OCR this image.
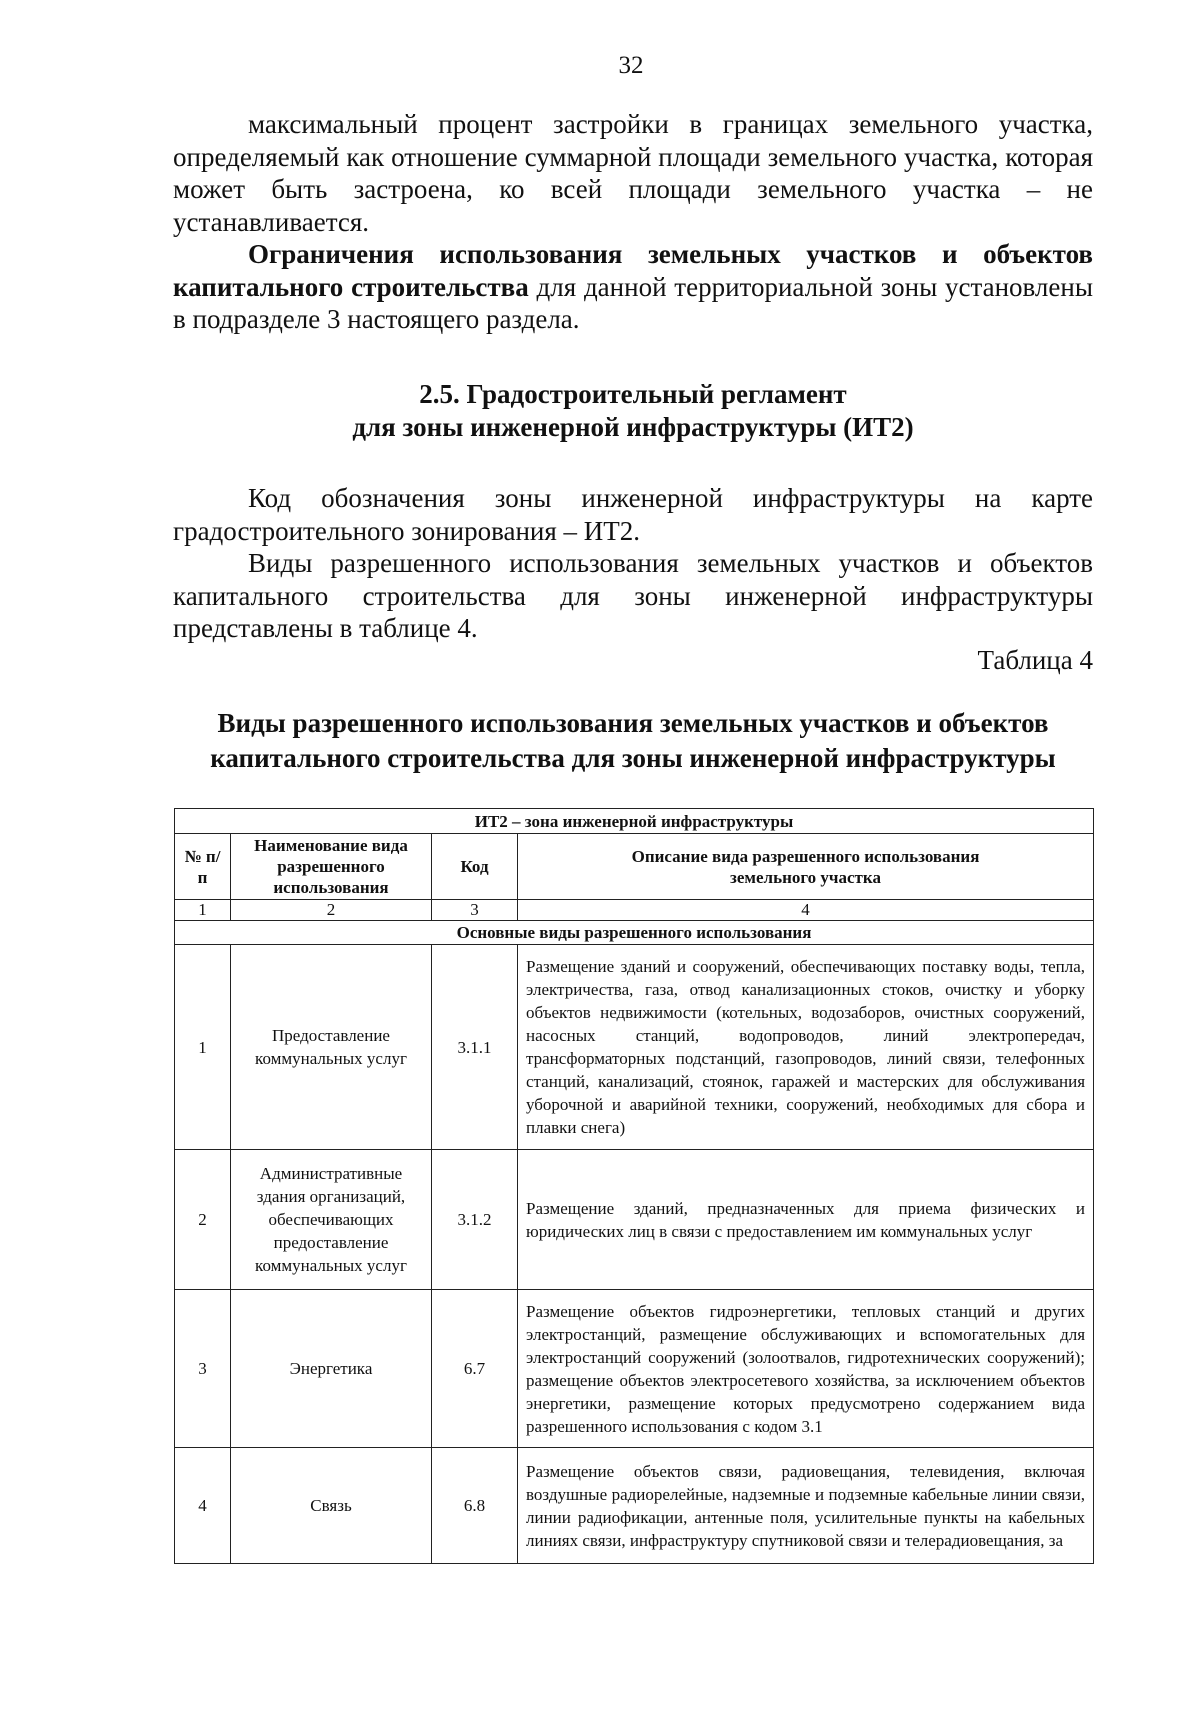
32

максимальный процент застройки в границах земельного участка, определяемый как отношение суммарной площади земельного участка, которая может быть застроена, ко всей площади земельного участка – не устанавливается.

Ограничения использования земельных участков и объектов капитального строительства для данной территориальной зоны установлены в подразделе 3 настоящего раздела.

2.5. Градостроительный регламент
для зоны инженерной инфраструктуры (ИТ2)

Код обозначения зоны инженерной инфраструктуры на карте градостроительного зонирования – ИТ2.

Виды разрешенного использования земельных участков и объектов капитального строительства для зоны инженерной инфраструктуры представлены в таблице 4.

Таблица 4
Виды разрешенного использования земельных участков и объектов
капитального строительства для зоны инженерной инфраструктуры
ИТ2 – зона инженерной инфраструктуры			
№ п/п	Наименование вида разрешенного использования	Код	Описание вида разрешенного использования земельного участка
1	2	3	4
Основные виды разрешенного использования			
1	Предоставление коммунальных услуг	3.1.1	Размещение зданий и сооружений, обеспечивающих поставку воды, тепла, электричества, газа, отвод канализационных стоков, очистку и уборку объектов недвижимости (котельных, водозаборов, очистных сооружений, насосных станций, водопроводов, линий электропередач, трансформаторных подстанций, газопроводов, линий связи, телефонных станций, канализаций, стоянок, гаражей и мастерских для обслуживания уборочной и аварийной техники, сооружений, необходимых для сбора и плавки снега)
2	Административные здания организаций, обеспечивающих предоставление коммунальных услуг	3.1.2	Размещение зданий, предназначенных для приема физических и юридических лиц в связи с предоставлением им коммунальных услуг
3	Энергетика	6.7	Размещение объектов гидроэнергетики, тепловых станций и других электростанций, размещение обслуживающих и вспомогательных для электростанций сооружений (золоотвалов, гидротехнических сооружений); размещение объектов электросетевого хозяйства, за исключением объектов энергетики, размещение которых предусмотрено содержанием вида разрешенного использования с кодом 3.1
4	Связь	6.8	Размещение объектов связи, радиовещания, телевидения, включая воздушные радиорелейные, надземные и подземные кабельные линии связи, линии радиофикации, антенные поля, усилительные пункты на кабельных линиях связи, инфраструктуру спутниковой связи и телерадиовещания, за
